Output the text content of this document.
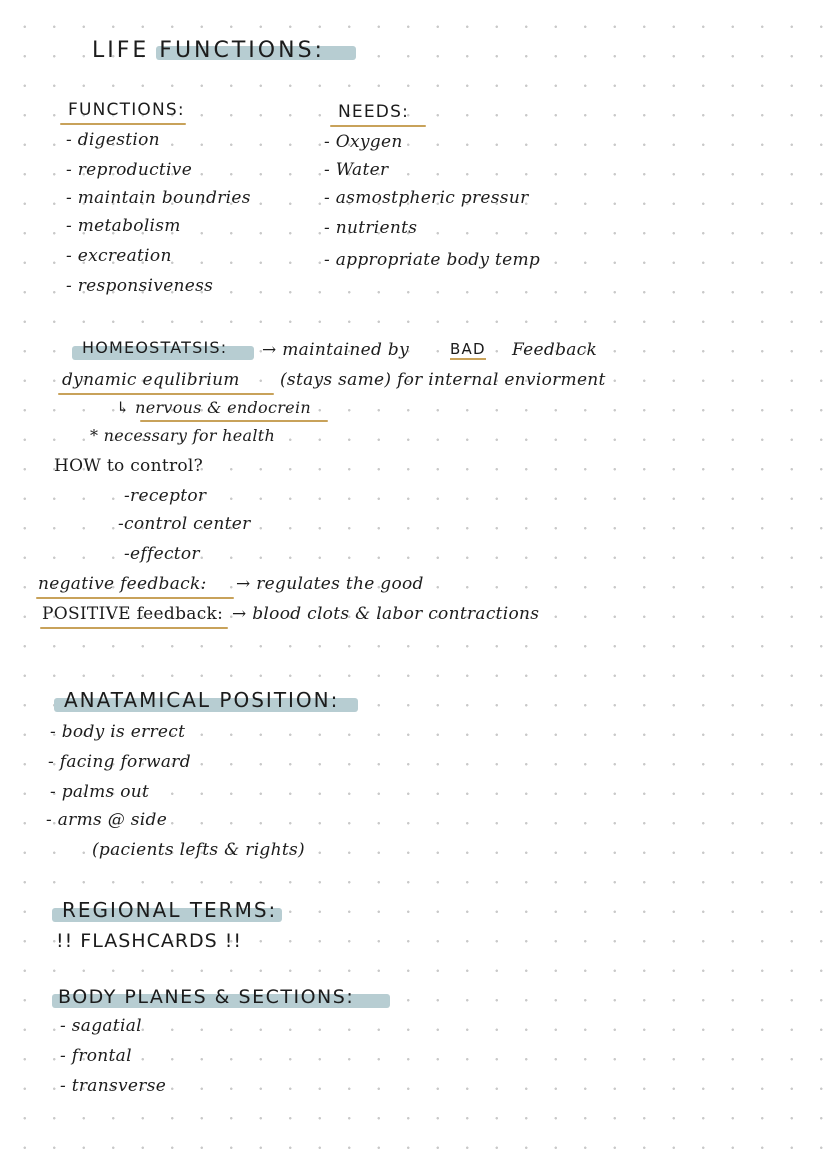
LIFE FUNCTIONS:
FUNCTIONS:
- digestion
- reproductive
- maintain boundries
- metabolism
- excreation
- responsiveness
NEEDS:
- Oxygen
- Water
- asmostpheric pressur
- nutrients
- appropriate body temp
HOMEOSTATSIS: → maintained by	BAD Feedback
dynamic equlibrium (stays same) for internal enviorment
↳ nervous & endocrein
* necessary for health
HOW to control?
-receptor
-control center
-effector
negative feedback: → regulates the good
POSITIVE feedback: → blood clots & labor contractions
ANATAMICAL POSITION:
- body is errect
- facing forward
- palms out
- arms @ side
(pacients lefts & rights)
REGIONAL TERMS:
!! FLASHCARDS !!
BODY PLANES & SECTIONS:
- sagatial
- frontal
- transverse
